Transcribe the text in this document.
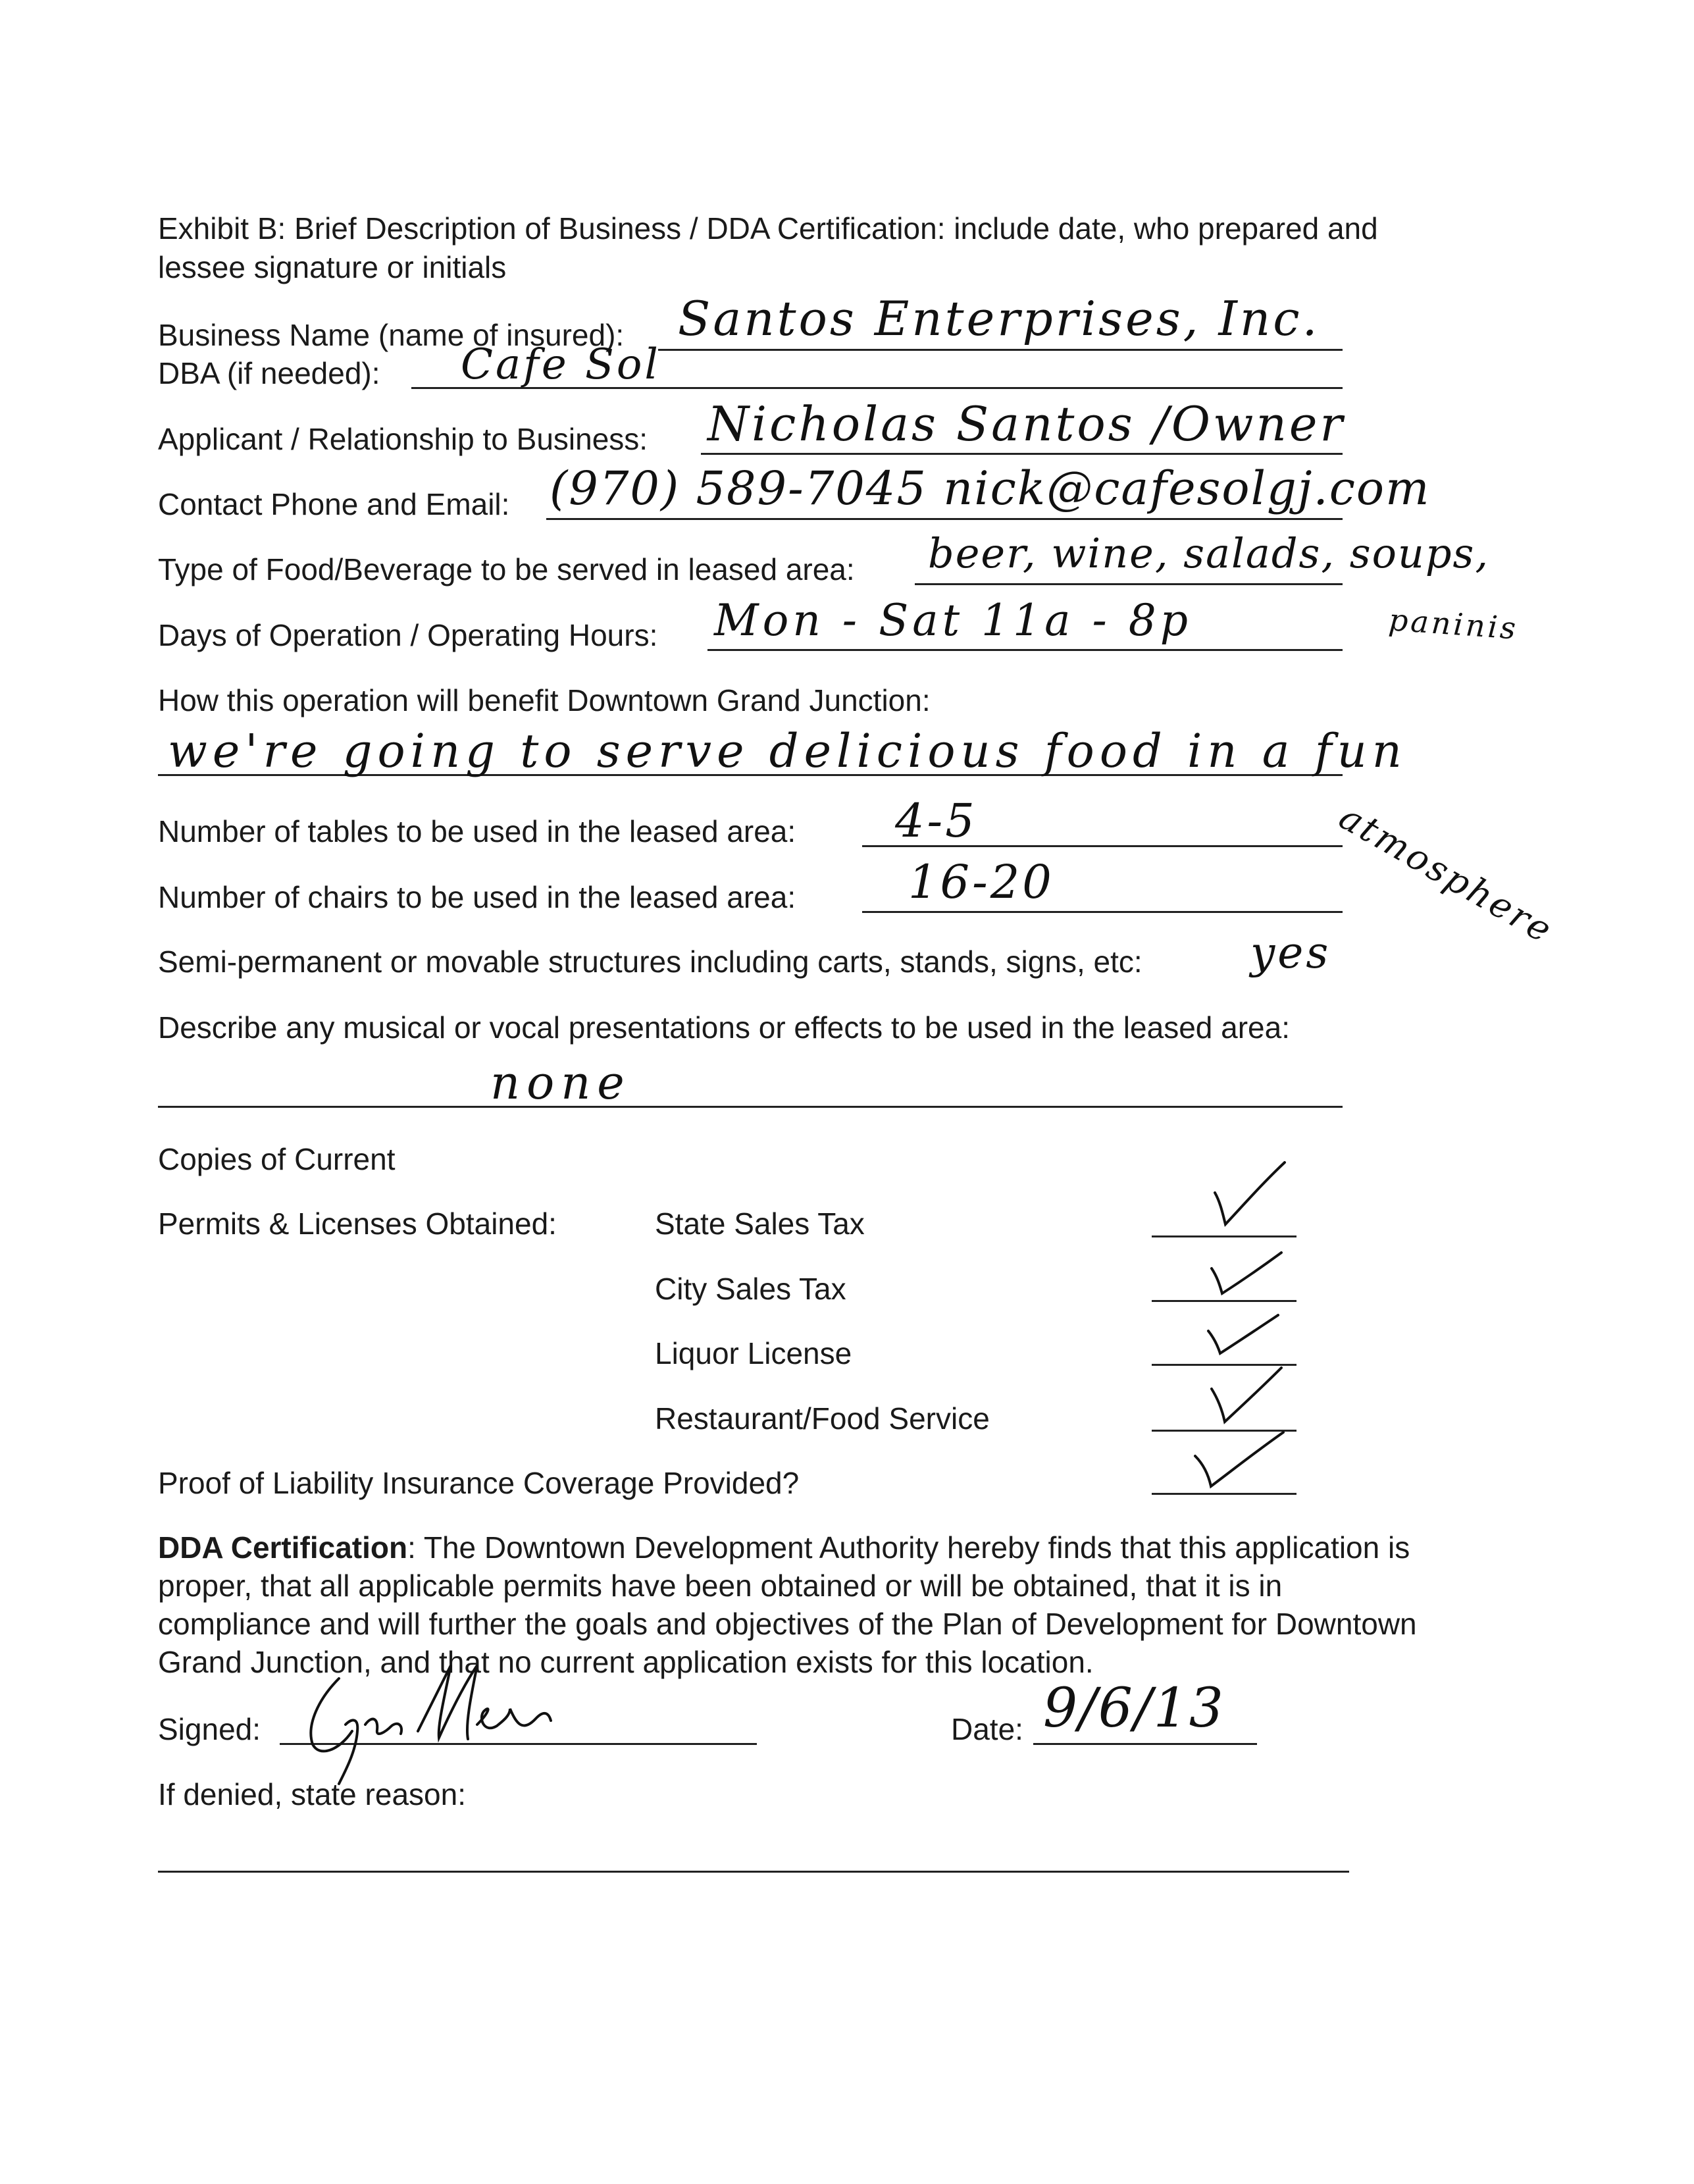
Exhibit B: Brief Description of Business / DDA Certification: include date, who prepared and
lessee signature or initials
Business Name (name of insured): Santos Enterprises, Inc.
DBA (if needed): Cafe Sol
Applicant / Relationship to Business: Nicholas Santos /Owner
Contact Phone and Email: (970) 589-7045 nick@cafesolgj.com
Type of Food/Beverage to be served in leased area: beer, wine, salads, soups,
paninis
Days of Operation / Operating Hours: Mon - Sat 11a - 8p
How this operation will benefit Downtown Grand Junction:
we're going to serve delicious food in a fun
atmosphere
Number of tables to be used in the leased area: 4-5
Number of chairs to be used in the leased area: 16-20
Semi-permanent or movable structures including carts, stands, signs, etc: yes
Describe any musical or vocal presentations or effects to be used in the leased area:
none
Copies of Current
Permits & Licenses Obtained:	State Sales Tax
City Sales Tax
Liquor License
Restaurant/Food Service
Proof of Liability Insurance Coverage Provided?
DDA Certification: The Downtown Development Authority hereby finds that this application is
proper, that all applicable permits have been obtained or will be obtained, that it is in
compliance and will further the goals and objectives of the Plan of Development for Downtown
Grand Junction, and that no current application exists for this location.
Signed:	Date: 9/6/13
If denied, state reason:
